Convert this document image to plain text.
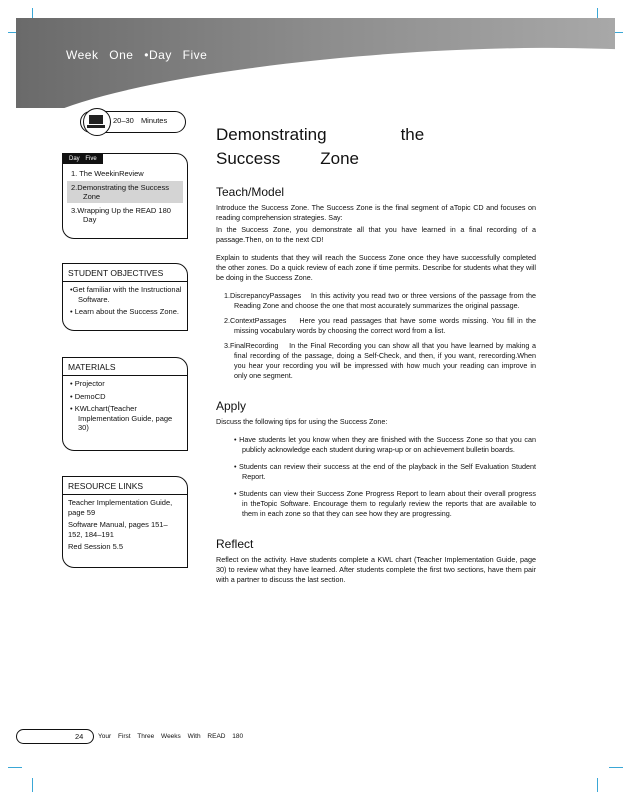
Week One •Day Five
20–30 Minutes
Day Five
1. The WeekinReview
2.Demonstrating the Success Zone
3.Wrapping Up the READ 180 Day
STUDENT OBJECTIVES
•Get familiar with the Instructional Software.
• Learn about the Success Zone.
MATERIALS
• Projector
• DemoCD
• KWLchart(Teacher Implementation Guide, page 30)
RESOURCE LINKS
Teacher Implementation Guide, page 59
Software Manual, pages 151–152, 184–191
Red Session 5.5
Demonstrating	the
Success Zone
Teach/Model

Introduce the Success Zone. The Success Zone is the final segment of aTopic CD and focuses on reading comprehension strategies. Say:

In the Success Zone, you demonstrate all that you have learned in a final recording of a passage.Then, on to the next CD!

Explain to students that they will reach the Success Zone once they have successfully completed the other zones. Do a quick review of each zone if time permits. Describe for students what they will be doing in the Success Zone.

1.DiscrepancyPassages In this activity you read two or three versions of the passage from the Reading Zone and choose the one that most accurately summarizes the original passage.
2.ContextPassages Here you read passages that have some words missing. You fill in the missing vocabulary words by choosing the correct word from a list.
3.FinalRecording In the Final Recording you can show all that you have learned by making a final recording of the passage, doing a Self-Check, and then, if you want, rerecording.When you hear your recording you will be impressed with how much your reading can improve in only one segment.
Apply

Discuss the following tips for using the Success Zone:

• Have students let you know when they are finished with the Success Zone so that you can publicly acknowledge each student during wrap-up or on achievement bulletin boards.
• Students can review their success at the end of the playback in the Self Evaluation Student Report.
• Students can view their Success Zone Progress Report to learn about their overall progress in theTopic Software. Encourage them to regularly review the reports that are available to them in each zone so that they can see how they are progressing.
Reflect

Reflect on the activity. Have students complete a KWL chart (Teacher Implementation Guide, page 30) to review what they have learned. After students complete the first two sections, have them pair with a partner to discuss the last section.

24 Your First Three Weeks With READ 180
